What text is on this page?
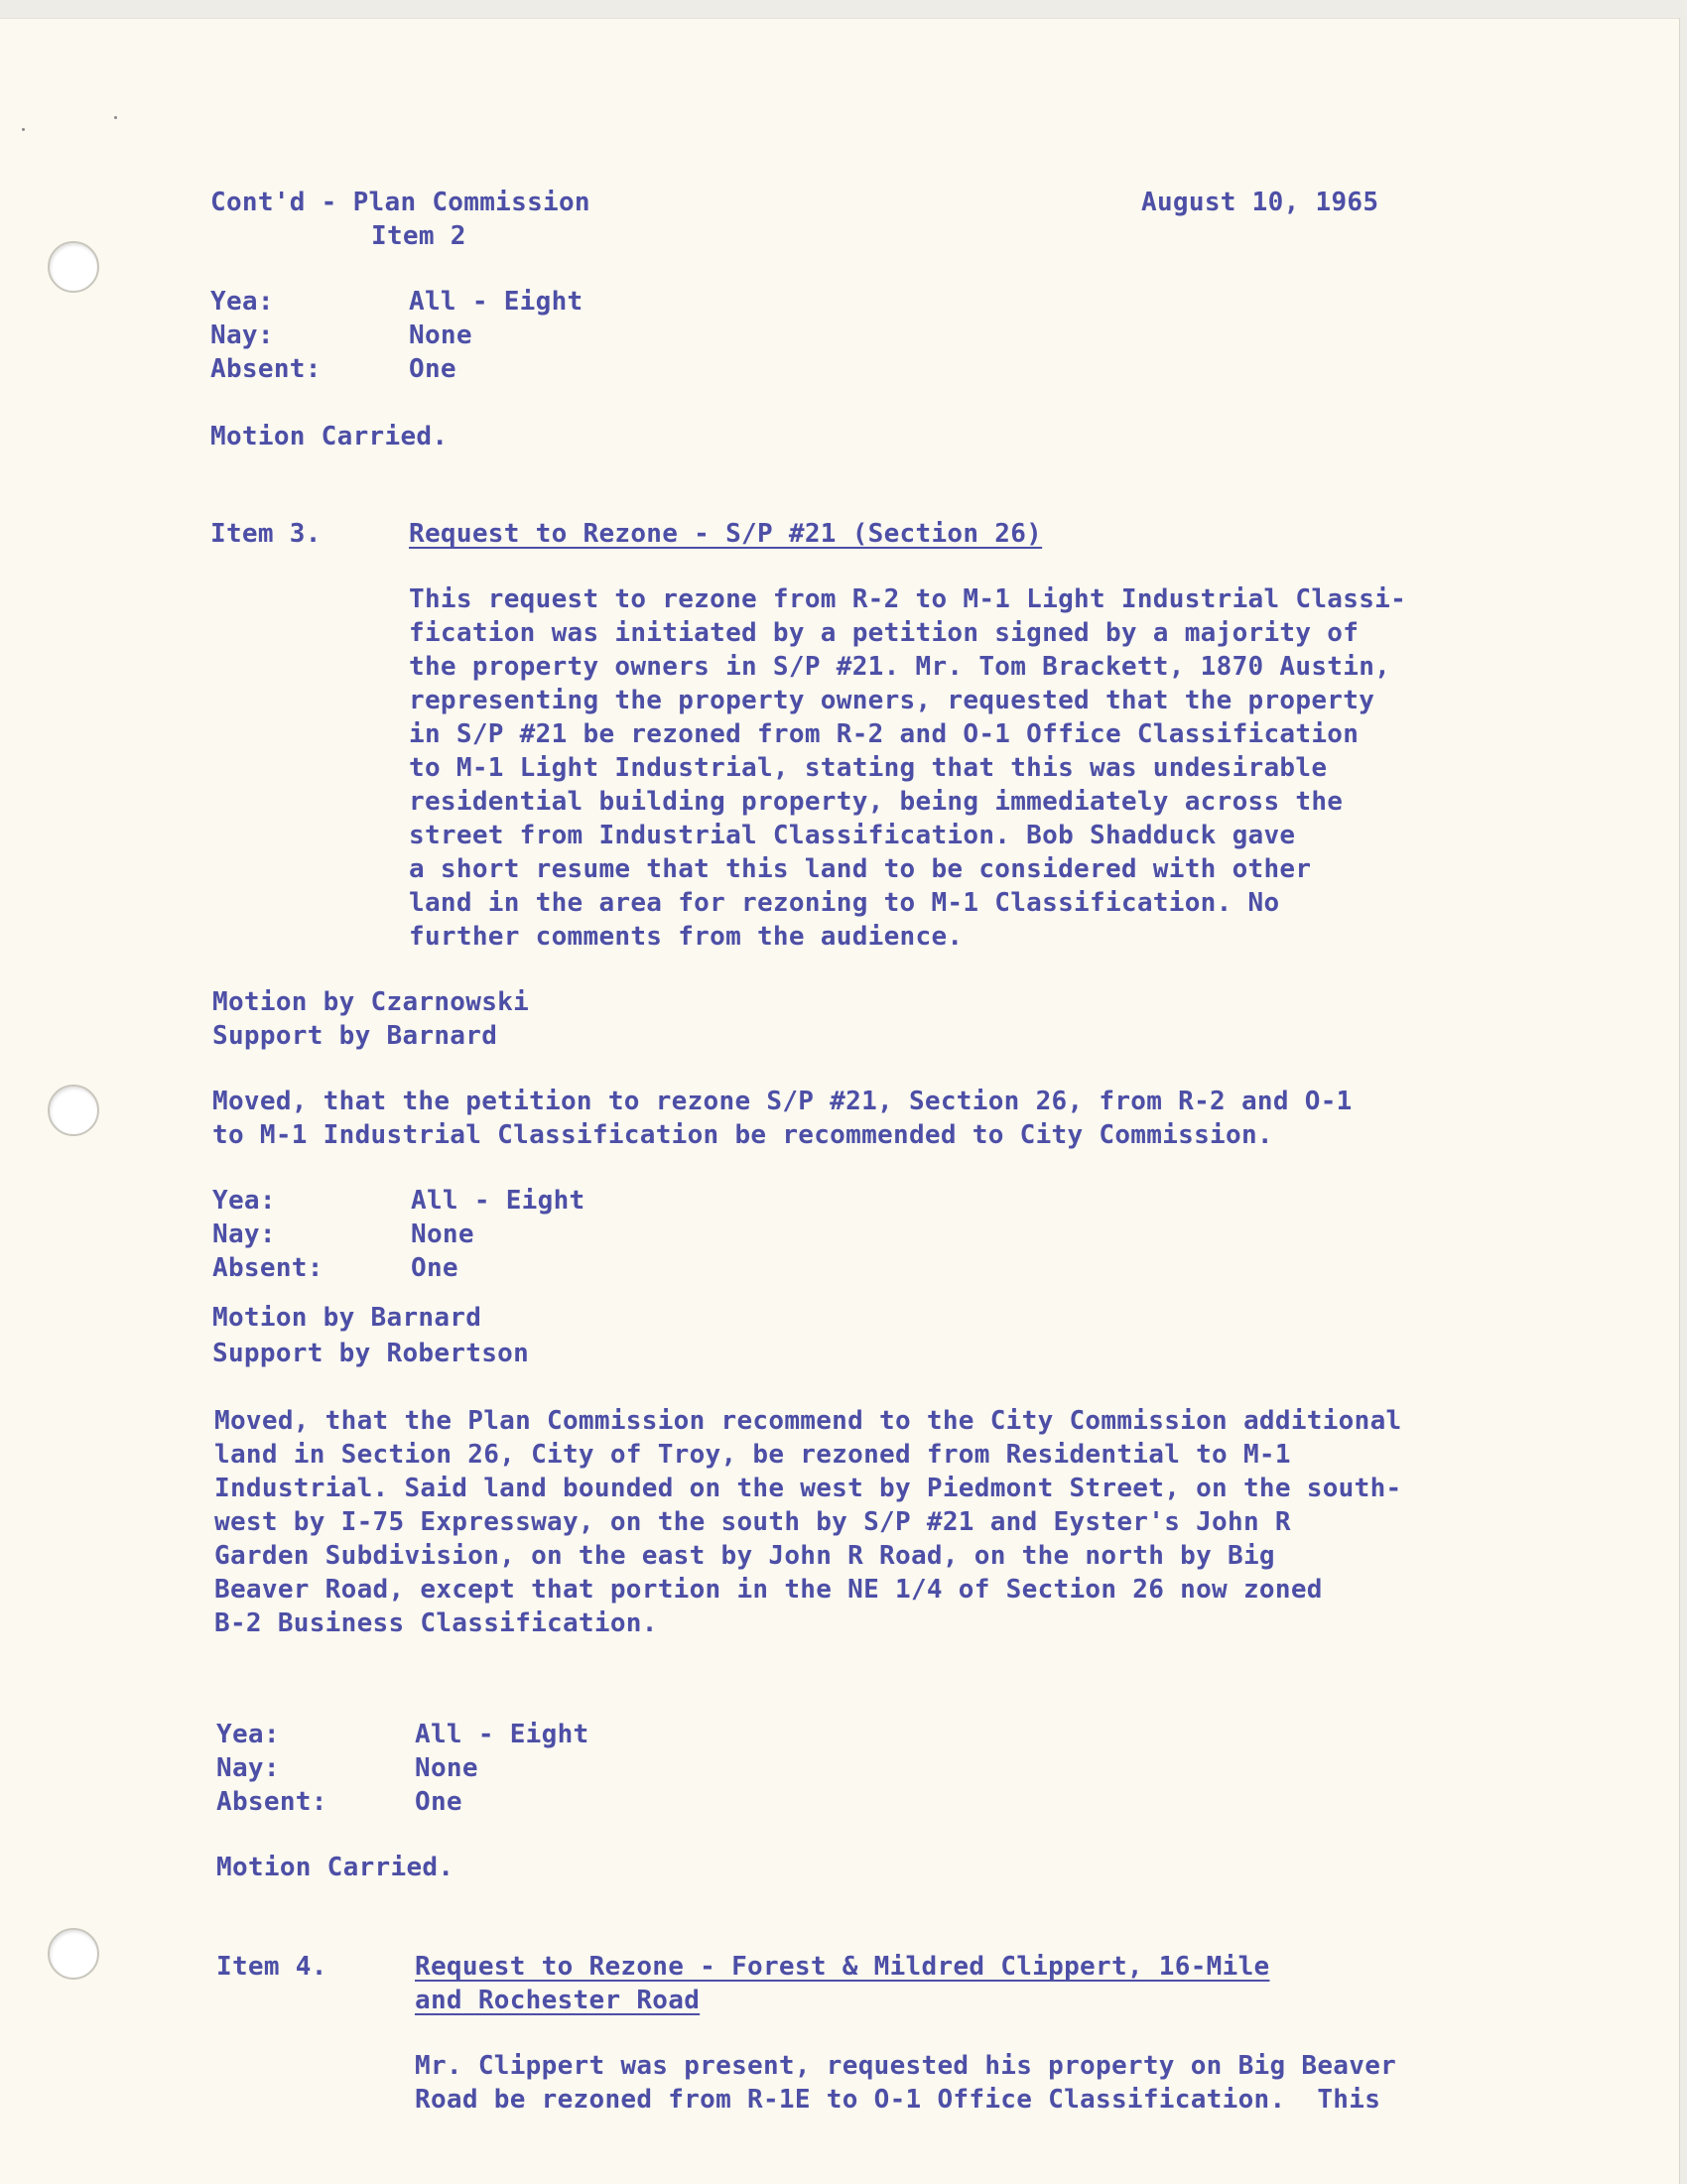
Cont'd - Plan Commission
Item 2
August 10, 1965
Yea:	All - Eight
Nay:	None
Absent:	One
Motion Carried.
Item 3.	Request to Rezone - S/P #21 (Section 26)
This request to rezone from R-2 to M-1 Light Industrial Classi-
fication was initiated by a petition signed by a majority of
the property owners in S/P #21. Mr. Tom Brackett, 1870 Austin,
representing the property owners, requested that the property
in S/P #21 be rezoned from R-2 and O-1 Office Classification
to M-1 Light Industrial, stating that this was undesirable
residential building property, being immediately across the
street from Industrial Classification. Bob Shadduck gave
a short resume that this land to be considered with other
land in the area for rezoning to M-1 Classification. No
further comments from the audience.
Motion by Czarnowski
Support by Barnard
Moved, that the petition to rezone S/P #21, Section 26, from R-2 and O-1
to M-1 Industrial Classification be recommended to City Commission.
Yea:	All - Eight
Nay:	None
Absent:	One
Motion by Barnard
Support by Robertson
Moved, that the Plan Commission recommend to the City Commission additional
land in Section 26, City of Troy, be rezoned from Residential to M-1
Industrial. Said land bounded on the west by Piedmont Street, on the south-
west by I-75 Expressway, on the south by S/P #21 and Eyster's John R
Garden Subdivision, on the east by John R Road, on the north by Big
Beaver Road, except that portion in the NE 1/4 of Section 26 now zoned
B-2 Business Classification.
Yea:	All - Eight
Nay:	None
Absent:	One
Motion Carried.
Item 4.	Request to Rezone - Forest & Mildred Clippert, 16-Mile
and Rochester Road
Mr. Clippert was present, requested his property on Big Beaver
Road be rezoned from R-1E to O-1 Office Classification.  This
